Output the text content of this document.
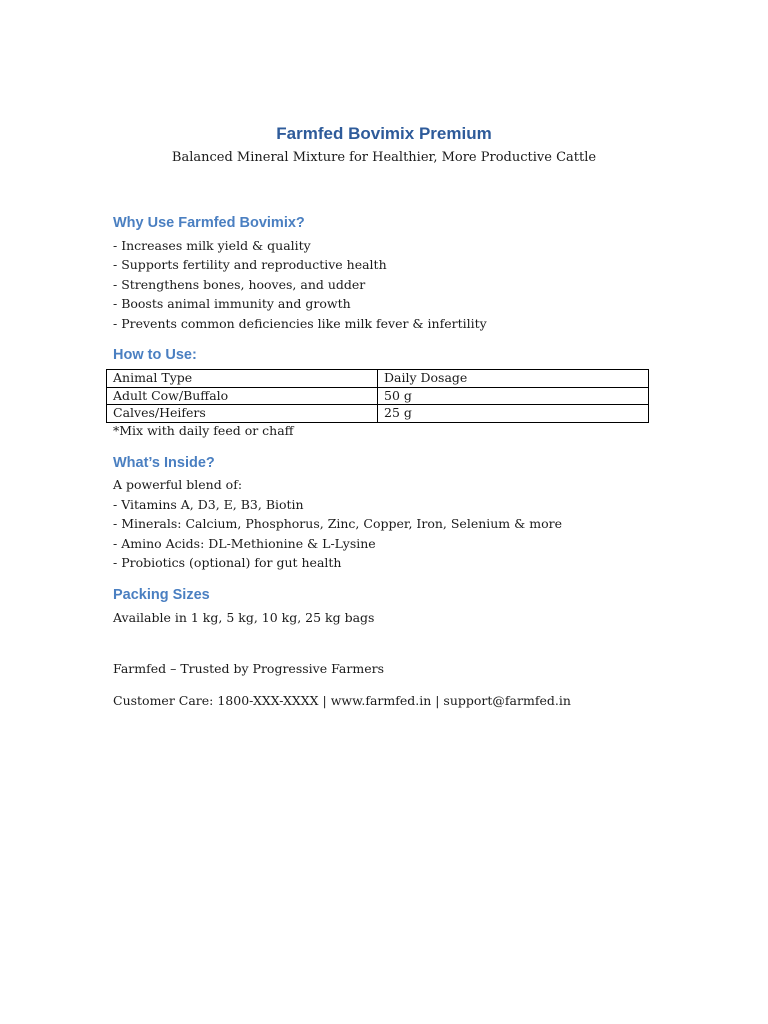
Farmfed Bovimix Premium

Balanced Mineral Mixture for Healthier, More Productive Cattle

Why Use Farmfed Bovimix?
- Increases milk yield & quality
- Supports fertility and reproductive health
- Strengthens bones, hooves, and udder
- Boosts animal immunity and growth
- Prevents common deficiencies like milk fever & infertility
How to Use:
Animal Type	Daily Dosage
Adult Cow/Buffalo	50 g
Calves/Heifers	25 g

*Mix with daily feed or chaff

What’s Inside?

A powerful blend of:

- Vitamins A, D3, E, B3, Biotin
- Minerals: Calcium, Phosphorus, Zinc, Copper, Iron, Selenium & more
- Amino Acids: DL-Methionine & L-Lysine
- Probiotics (optional) for gut health
Packing Sizes

Available in 1 kg, 5 kg, 10 kg, 25 kg bags

Farmfed – Trusted by Progressive Farmers

Customer Care: 1800-XXX-XXXX | www.farmfed.in | support@farmfed.in
